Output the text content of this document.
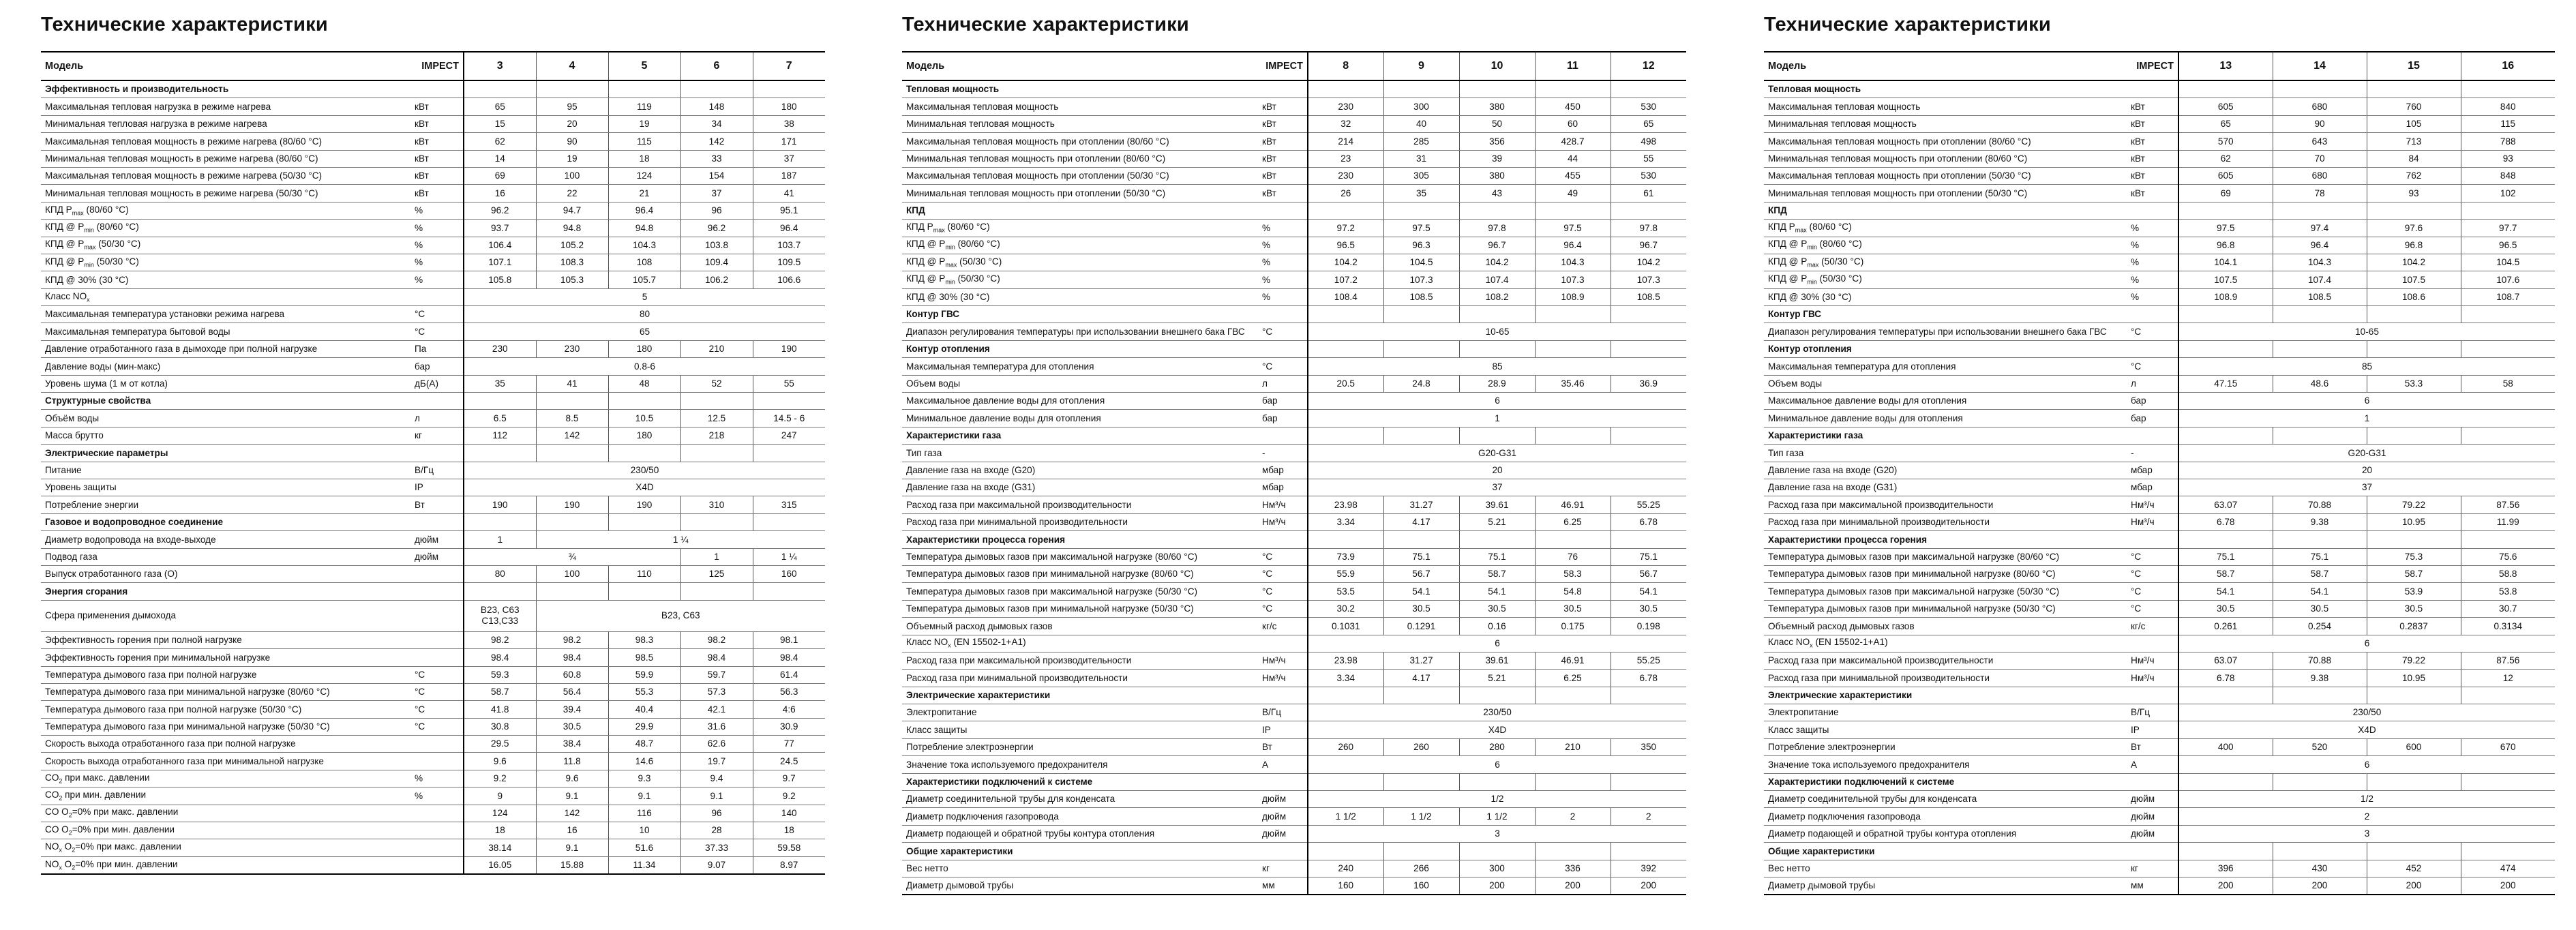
Технические характеристики
Модель	IMPECT	3	4	5	6	7
Эффективность и производительность						
Максимальная тепловая нагрузка в режиме нагрева	кВт	65	95	119	148	180
Минимальная тепловая нагрузка в режиме нагрева	кВт	15	20	19	34	38
Максимальная тепловая мощность в режиме нагрева (80/60 °C)	кВт	62	90	115	142	171
Минимальная тепловая мощность в режиме нагрева (80/60 °C)	кВт	14	19	18	33	37
Максимальная тепловая мощность в режиме нагрева (50/30 °C)	кВт	69	100	124	154	187
Минимальная тепловая мощность в режиме нагрева (50/30 °C)	кВт	16	22	21	37	41
КПД $P_{max}$ (80/60 °C)	%	96.2	94.7	96.4	96	95.1
КПД @ $P_{min}$ (80/60 °C)	%	93.7	94.8	94.8	96.2	96.4
КПД @ $P_{max}$ (50/30 °C)	%	106.4	105.2	104.3	103.8	103.7
КПД @ $P_{min}$ (50/30 °C)	%	107.1	108.3	108	109.4	109.5
КПД @ 30% (30 °C)	%	105.8	105.3	105.7	106.2	106.6
Класс $NO_x$		5				
Максимальная температура установки режима нагрева	°C	80				
Максимальная температура бытовой воды	°C	65				
Давление отработанного газа в дымоходе при полной нагрузке	Па	230	230	180	210	190
Давление воды (мин-макс)	бар	0.8-6				
Уровень шума (1 м от котла)	дБ(А)	35	41	48	52	55
Структурные свойства						
Объём воды	л	6.5	8.5	10.5	12.5	14.5 - 6
Масса брутто	кг	112	142	180	218	247
Электрические параметры						
Питание	В/Гц	230/50				
Уровень защиты	IP	X4D				
Потребление энергии	Вт	190	190	190	310	315
Газовое и водопроводное соединение						
Диаметр водопровода на входе-выходе	дюйм	1	1 ¼			
Подвод газа	дюйм	¾			1	1 ¼
Выпуск отработанного газа (О)		80	100	110	125	160
Энергия сгорания						
Сфера применения дымохода		B23, C63 C13,C33	B23, C63			
Эффективность горения при полной нагрузке		98.2	98.2	98.3	98.2	98.1
Эффективность горения при минимальной нагрузке		98.4	98.4	98.5	98.4	98.4
Температура дымового газа при полной нагрузке	°C	59.3	60.8	59.9	59.7	61.4
Температура дымового газа при минимальной нагрузке (80/60 °C)	°C	58.7	56.4	55.3	57.3	56.3
Температура дымового газа при полной нагрузке (50/30 °C)	°C	41.8	39.4	40.4	42.1	4:6
Температура дымового газа при минимальной нагрузке (50/30 °C)	°C	30.8	30.5	29.9	31.6	30.9
Скорость выхода отработанного газа при полной нагрузке		29.5	38.4	48.7	62.6	77
Скорость выхода отработанного газа при минимальной нагрузке		9.6	11.8	14.6	19.7	24.5
$CO_2$ при макс. давлении	%	9.2	9.6	9.3	9.4	9.7
$CO_2$ при мин. давлении	%	9	9.1	9.1	9.1	9.2
CO $O_2=0\%$ при макс. давлении		124	142	116	96	140
CO $O_2=0\%$ при мин. давлении		18	16	10	28	18
$NO_x$ $O_2=0\%$ при макс. давлении		38.14	9.1	51.6	37.33	59.58
$NO_x$ $O_2=0\%$ при мин. давлении		16.05	15.88	11.34	9.07	8.97
Технические характеристики
Модель	IMPECT	8	9	10	11	12
Тепловая мощность						
Максимальная тепловая мощность	кВт	230	300	380	450	530
Минимальная тепловая мощность	кВт	32	40	50	60	65
Максимальная тепловая мощность при отоплении (80/60 °C)	кВт	214	285	356	428.7	498
Минимальная тепловая мощность при отоплении (80/60 °C)	кВт	23	31	39	44	55
Максимальная тепловая мощность при отоплении (50/30 °C)	кВт	230	305	380	455	530
Минимальная тепловая мощность при отоплении (50/30 °C)	кВт	26	35	43	49	61
КПД						
КПД $P_{max}$ (80/60 °C)	%	97.2	97.5	97.8	97.5	97.8
КПД @ $P_{min}$ (80/60 °C)	%	96.5	96.3	96.7	96.4	96.7
КПД @ $P_{max}$ (50/30 °C)	%	104.2	104.5	104.2	104.3	104.2
КПД @ $P_{min}$ (50/30 °C)	%	107.2	107.3	107.4	107.3	107.3
КПД @ 30% (30 °C)	%	108.4	108.5	108.2	108.9	108.5
Контур ГВС						
Диапазон регулирования температуры при использовании внешнего бака ГВС	°C	10-65				
Контур отопления						
Максимальная температура для отопления	°C	85				
Объем воды	л	20.5	24.8	28.9	35.46	36.9
Максимальное давление воды для отопления	бар	6				
Минимальное давление воды для отопления	бар	1				
Характеристики газа						
Тип газа	-	G20-G31				
Давление газа на входе (G20)	мбар	20				
Давление газа на входе (G31)	мбар	37				
Расход газа при максимальной производительности	Нм³/ч	23.98	31.27	39.61	46.91	55.25
Расход газа при минимальной производительности	Нм³/ч	3.34	4.17	5.21	6.25	6.78
Характеристики процесса горения						
Температура дымовых газов при максимальной нагрузке (80/60 °C)	°C	73.9	75.1	75.1	76	75.1
Температура дымовых газов при минимальной нагрузке (80/60 °C)	°C	55.9	56.7	58.7	58.3	56.7
Температура дымовых газов при максимальной нагрузке (50/30 °C)	°C	53.5	54.1	54.1	54.8	54.1
Температура дымовых газов при минимальной нагрузке (50/30 °C)	°C	30.2	30.5	30.5	30.5	30.5
Объемный расход дымовых газов	кг/с	0.1031	0.1291	0.16	0.175	0.198
Класс $NO_x$ (EN 15502-1+A1)		6				
Расход газа при максимальной производительности	Нм³/ч	23.98	31.27	39.61	46.91	55.25
Расход газа при минимальной производительности	Нм³/ч	3.34	4.17	5.21	6.25	6.78
Электрические характеристики						
Электропитание	В/Гц	230/50				
Класс защиты	IP	X4D				
Потребление электроэнергии	Вт	260	260	280	210	350
Значение тока используемого предохранителя	А	6				
Характеристики подключений к системе						
Диаметр соединительной трубы для конденсата	дюйм	1/2				
Диаметр подключения газопровода	дюйм	1 1/2	1 1/2	1 1/2	2	2
Диаметр подающей и обратной трубы контура отопления	дюйм	3				
Общие характеристики						
Вес нетто	кг	240	266	300	336	392
Диаметр дымовой трубы	мм	160	160	200	200	200
Технические характеристики
Модель	IMPECT	13	14	15	16
Тепловая мощность					
Максимальная тепловая мощность	кВт	605	680	760	840
Минимальная тепловая мощность	кВт	65	90	105	115
Максимальная тепловая мощность при отоплении (80/60 °C)	кВт	570	643	713	788
Минимальная тепловая мощность при отоплении (80/60 °C)	кВт	62	70	84	93
Максимальная тепловая мощность при отоплении (50/30 °C)	кВт	605	680	762	848
Минимальная тепловая мощность при отоплении (50/30 °C)	кВт	69	78	93	102
КПД					
КПД $P_{max}$ (80/60 °C)	%	97.5	97.4	97.6	97.7
КПД @ $P_{min}$ (80/60 °C)	%	96.8	96.4	96.8	96.5
КПД @ $P_{max}$ (50/30 °C)	%	104.1	104.3	104.2	104.5
КПД @ $P_{min}$ (50/30 °C)	%	107.5	107.4	107.5	107.6
КПД @ 30% (30 °C)	%	108.9	108.5	108.6	108.7
Контур ГВС					
Диапазон регулирования температуры при использовании внешнего бака ГВС	°C	10-65			
Контур отопления					
Максимальная температура для отопления	°C	85			
Объем воды	л	47.15	48.6	53.3	58
Максимальное давление воды для отопления	бар	6			
Минимальное давление воды для отопления	бар	1			
Характеристики газа					
Тип газа	-	G20-G31			
Давление газа на входе (G20)	мбар	20			
Давление газа на входе (G31)	мбар	37			
Расход газа при максимальной производительности	Нм³/ч	63.07	70.88	79.22	87.56
Расход газа при минимальной производительности	Нм³/ч	6.78	9.38	10.95	11.99
Характеристики процесса горения					
Температура дымовых газов при максимальной нагрузке (80/60 °C)	°C	75.1	75.1	75.3	75.6
Температура дымовых газов при минимальной нагрузке (80/60 °C)	°C	58.7	58.7	58.7	58.8
Температура дымовых газов при максимальной нагрузке (50/30 °C)	°C	54.1	54.1	53.9	53.8
Температура дымовых газов при минимальной нагрузке (50/30 °C)	°C	30.5	30.5	30.5	30.7
Объемный расход дымовых газов	кг/с	0.261	0.254	0.2837	0.3134
Класс $NO_x$ (EN 15502-1+A1)		6			
Расход газа при максимальной производительности	Нм³/ч	63.07	70.88	79.22	87.56
Расход газа при минимальной производительности	Нм³/ч	6.78	9.38	10.95	12
Электрические характеристики					
Электропитание	В/Гц	230/50			
Класс защиты	IP	X4D			
Потребление электроэнергии	Вт	400	520	600	670
Значение тока используемого предохранителя	А	6			
Характеристики подключений к системе					
Диаметр соединительной трубы для конденсата	дюйм	1/2			
Диаметр подключения газопровода	дюйм	2			
Диаметр подающей и обратной трубы контура отопления	дюйм	3			
Общие характеристики					
Вес нетто	кг	396	430	452	474
Диаметр дымовой трубы	мм	200	200	200	200
